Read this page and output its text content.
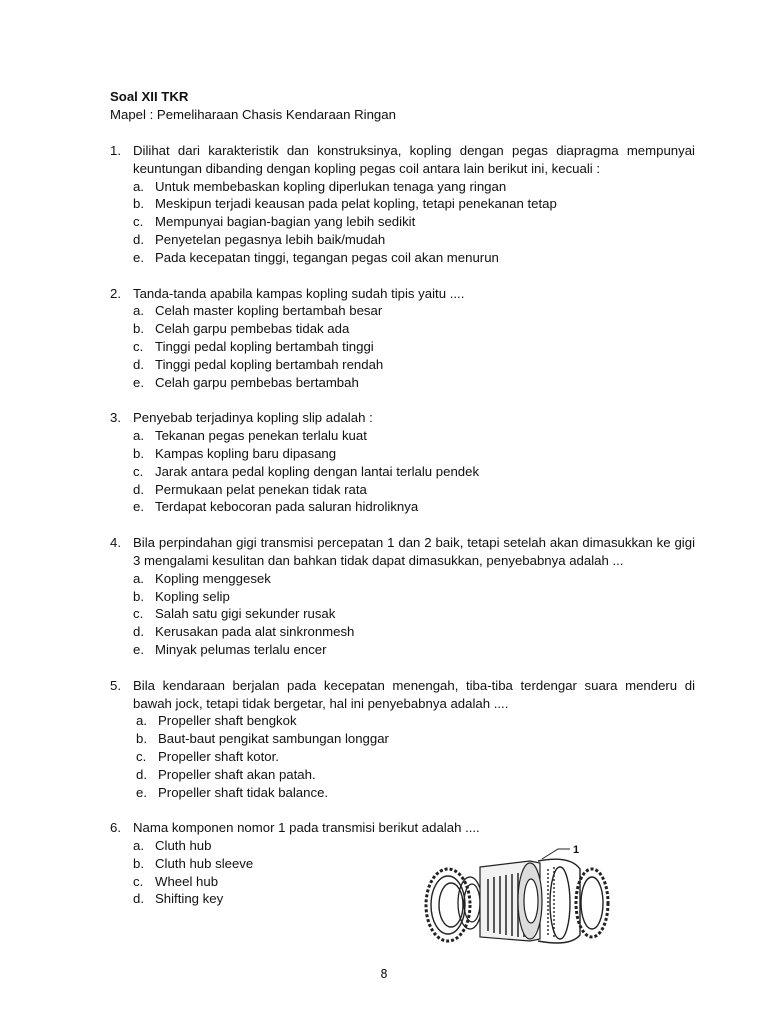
Soal XII TKR
Mapel : Pemeliharaan Chasis Kendaraan Ringan
1. Dilihat dari karakteristik dan konstruksinya, kopling dengan pegas diapragma mempunyai keuntungan dibanding dengan kopling pegas coil antara lain berikut ini, kecuali :
a. Untuk membebaskan kopling diperlukan tenaga yang ringan
b. Meskipun terjadi keausan pada pelat kopling, tetapi penekanan tetap
c. Mempunyai bagian-bagian yang lebih sedikit
d. Penyetelan pegasnya lebih baik/mudah
e. Pada kecepatan tinggi, tegangan pegas coil akan menurun
2. Tanda-tanda apabila kampas kopling sudah tipis yaitu ....
a. Celah master kopling bertambah besar
b. Celah garpu pembebas tidak ada
c. Tinggi pedal kopling bertambah tinggi
d. Tinggi pedal kopling bertambah rendah
e. Celah garpu pembebas bertambah
3. Penyebab terjadinya kopling slip adalah :
a. Tekanan pegas penekan terlalu kuat
b. Kampas kopling baru dipasang
c. Jarak antara pedal kopling dengan lantai terlalu pendek
d. Permukaan pelat penekan tidak rata
e. Terdapat kebocoran pada saluran hidroliknya
4. Bila perpindahan gigi transmisi percepatan 1 dan 2 baik, tetapi setelah akan dimasukkan ke gigi 3 mengalami kesulitan dan bahkan tidak dapat dimasukkan, penyebabnya adalah ...
a. Kopling menggesek
b. Kopling selip
c. Salah satu gigi sekunder rusak
d. Kerusakan pada alat sinkronmesh
e. Minyak pelumas terlalu encer
5. Bila kendaraan berjalan pada kecepatan menengah, tiba-tiba terdengar suara menderu di bawah jock, tetapi tidak bergetar, hal ini penyebabnya adalah ....
a. Propeller shaft bengkok
b. Baut-baut pengikat sambungan longgar
c. Propeller shaft kotor.
d. Propeller shaft akan patah.
e. Propeller shaft tidak balance.
6. Nama komponen nomor 1 pada transmisi berikut adalah ....
a. Cluth hub
b. Cluth hub sleeve
c. Wheel hub
d. Shifting key
1
8
